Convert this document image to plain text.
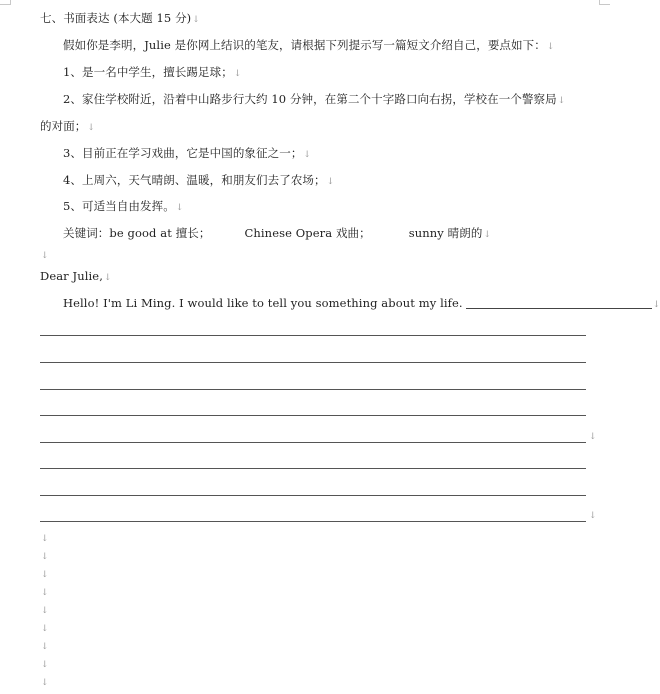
七、书面表达 (本大题 15 分)↓
假如你是李明，Julie 是你网上结识的笔友，请根据下列提示写一篇短文介绍自己，要点如下：↓
1、是一名中学生，擅长踢足球；↓
2、家住学校附近，沿着中山路步行大约 10 分钟，在第二个十字路口向右拐，学校在一个警察局↓
的对面；↓
3、目前正在学习戏曲，它是中国的象征之一；↓
4、上周六，天气晴朗、温暖，和朋友们去了农场；↓
5、可适当自由发挥。↓
关键词：be good at 擅长；	Chinese Opera 戏曲；	sunny 晴朗的↓
↓
Dear Julie,↓
Hello! I'm Li Ming. I would like to tell you something about my life.	↓
↓
↓
↓
↓
↓
↓
↓
↓
↓
↓
↓
